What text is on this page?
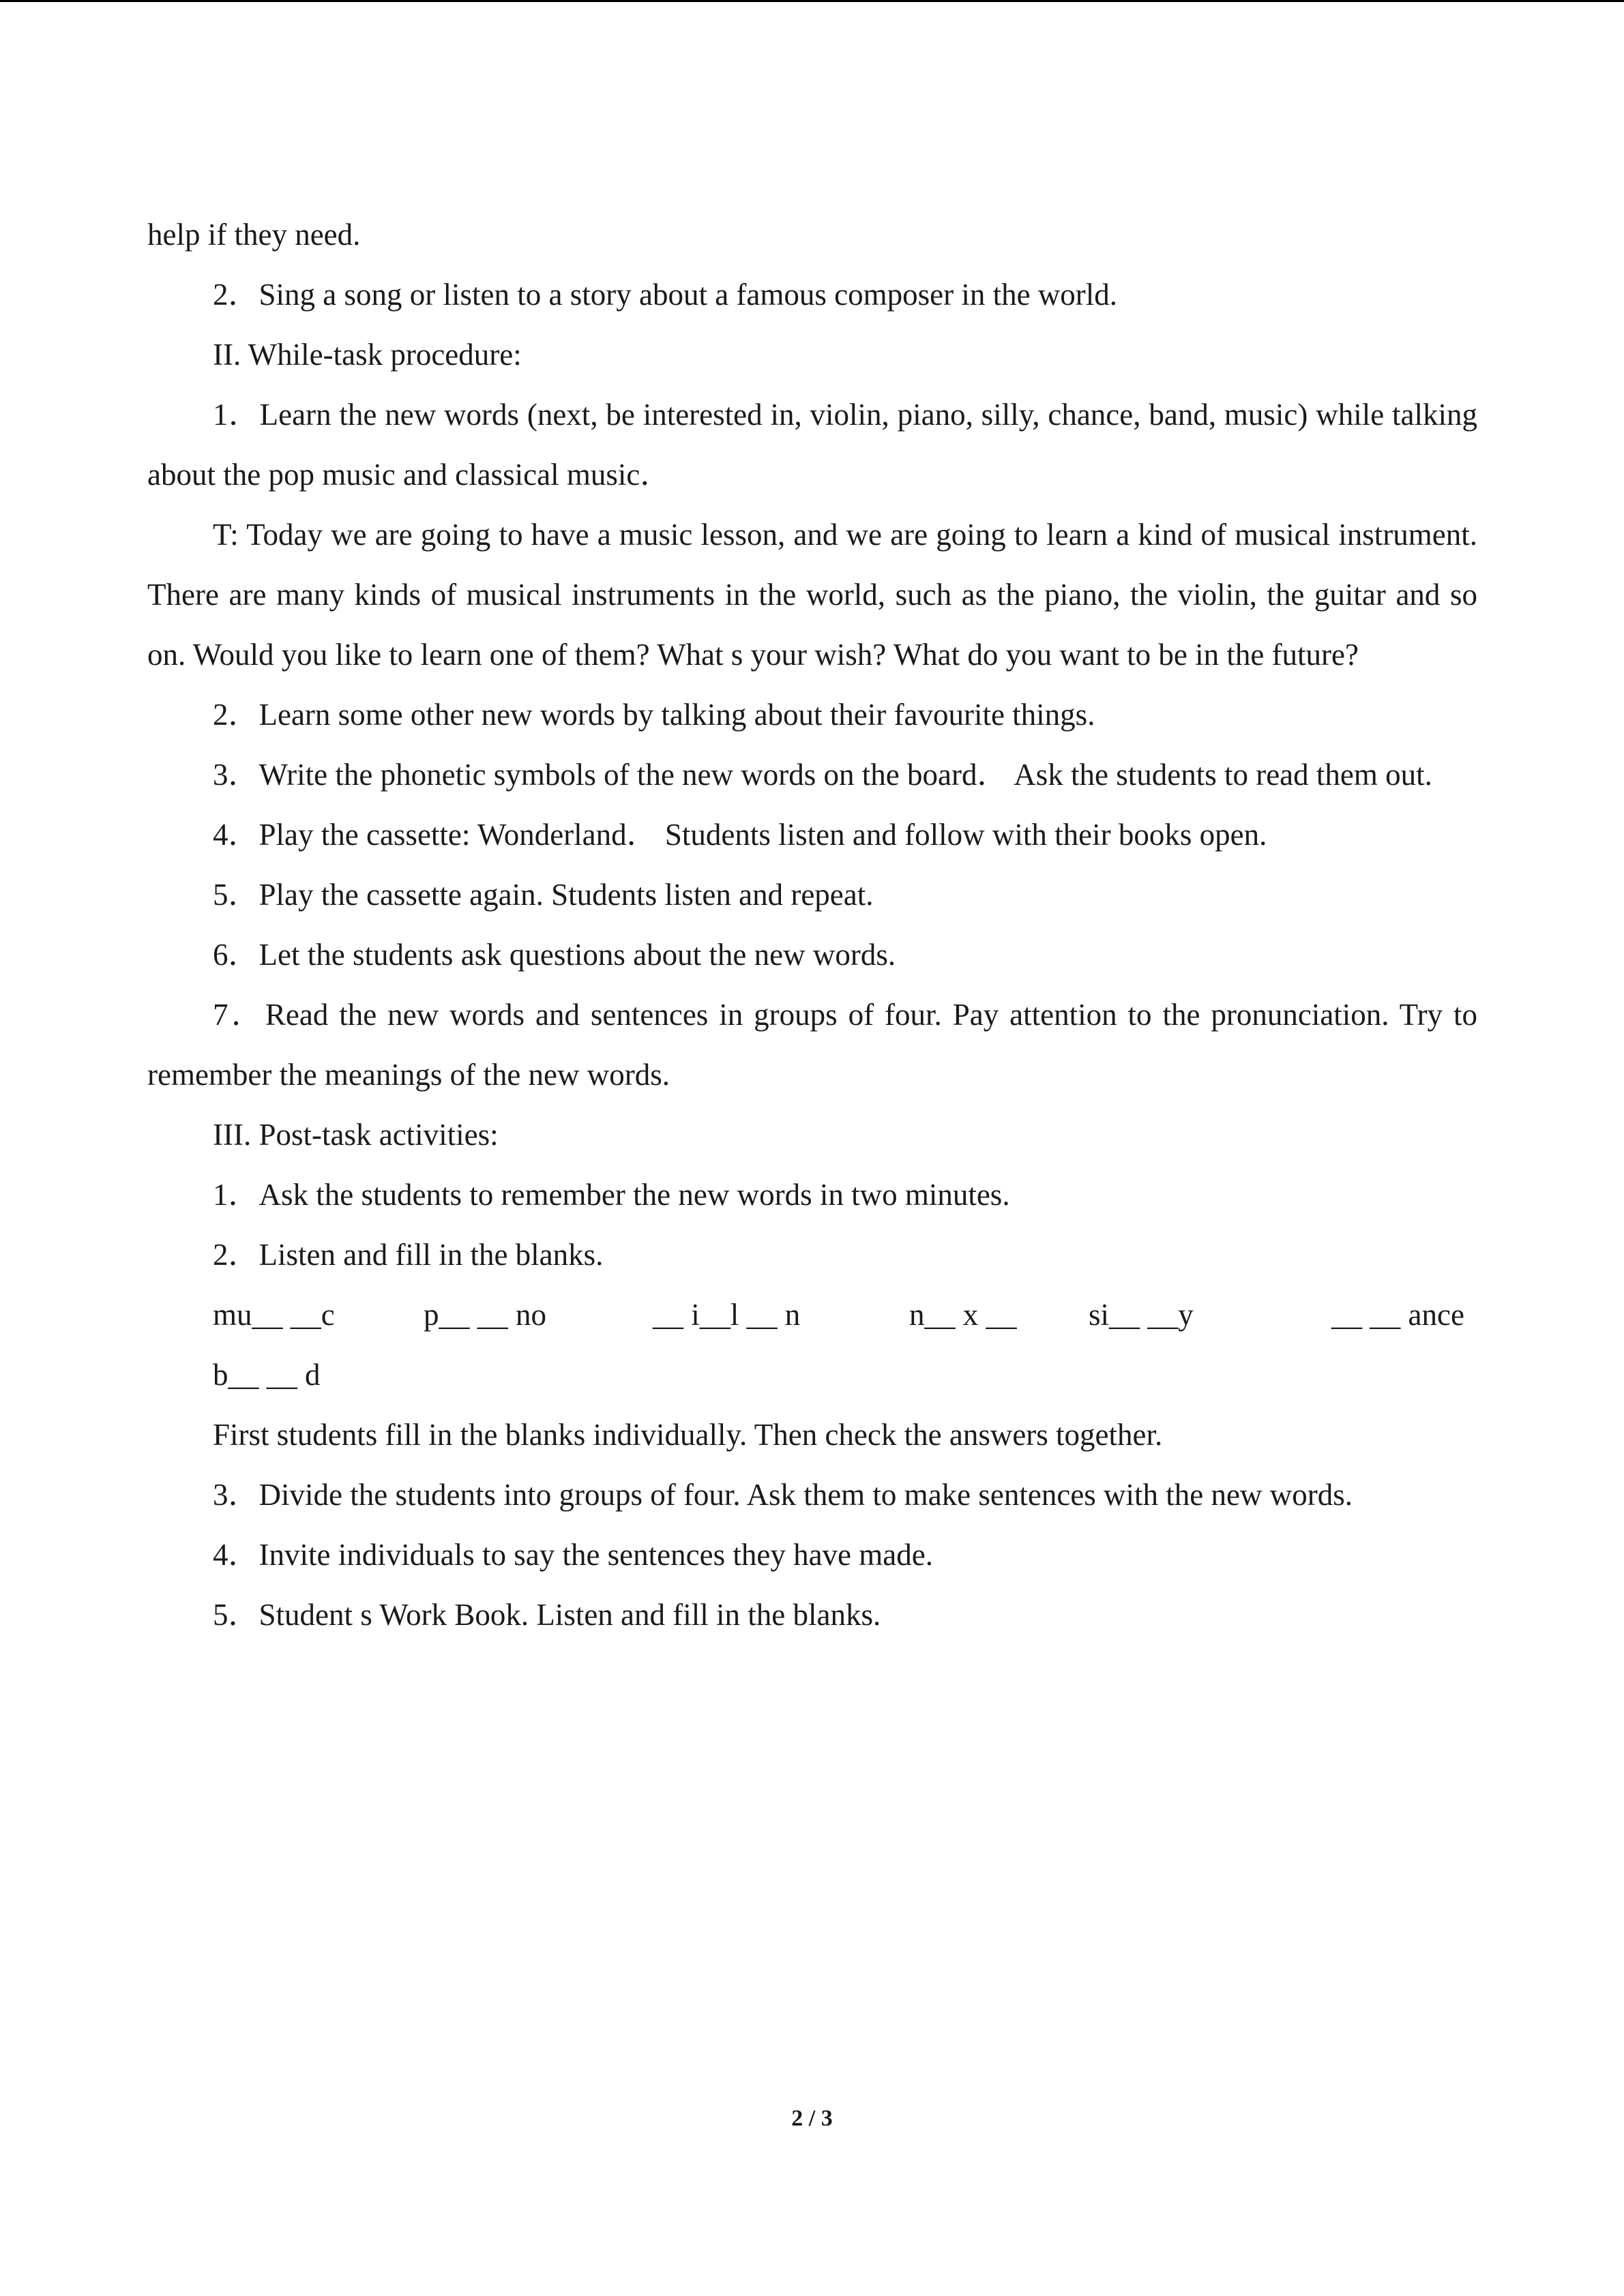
help if they need.

2．Sing a song or listen to a story about a famous composer in the world.

II. While-task procedure:

1．Learn the new words (next, be interested in, violin, piano, silly, chance, band, music) while talking about the pop music and classical music．

T: Today we are going to have a music lesson, and we are going to learn a kind of musical instrument. There are many kinds of musical instruments in the world, such as the piano, the violin, the guitar and so on. Would you like to learn one of them? What s your wish? What do you want to be in the future?

2．Learn some other new words by talking about their favourite things.

3．Write the phonetic symbols of the new words on the board． Ask the students to read them out.

4．Play the cassette: Wonderland． Students listen and follow with their books open.

5．Play the cassette again. Students listen and repeat.

6．Let the students ask questions about the new words.

7．Read the new words and sentences in groups of four. Pay attention to the pronunciation. Try to remember the meanings of the new words.

III. Post-task activities:

1．Ask the students to remember the new words in two minutes.

2．Listen and fill in the blanks.

mu__ __c	p__ __ no	__ i__l __ n	n__ x __ si__ __y	__ __ ance

b__ __ d

First students fill in the blanks individually. Then check the answers together.

3．Divide the students into groups of four. Ask them to make sentences with the new words.

4．Invite individuals to say the sentences they have made.

5．Student s Work Book. Listen and fill in the blanks.

2 / 3
